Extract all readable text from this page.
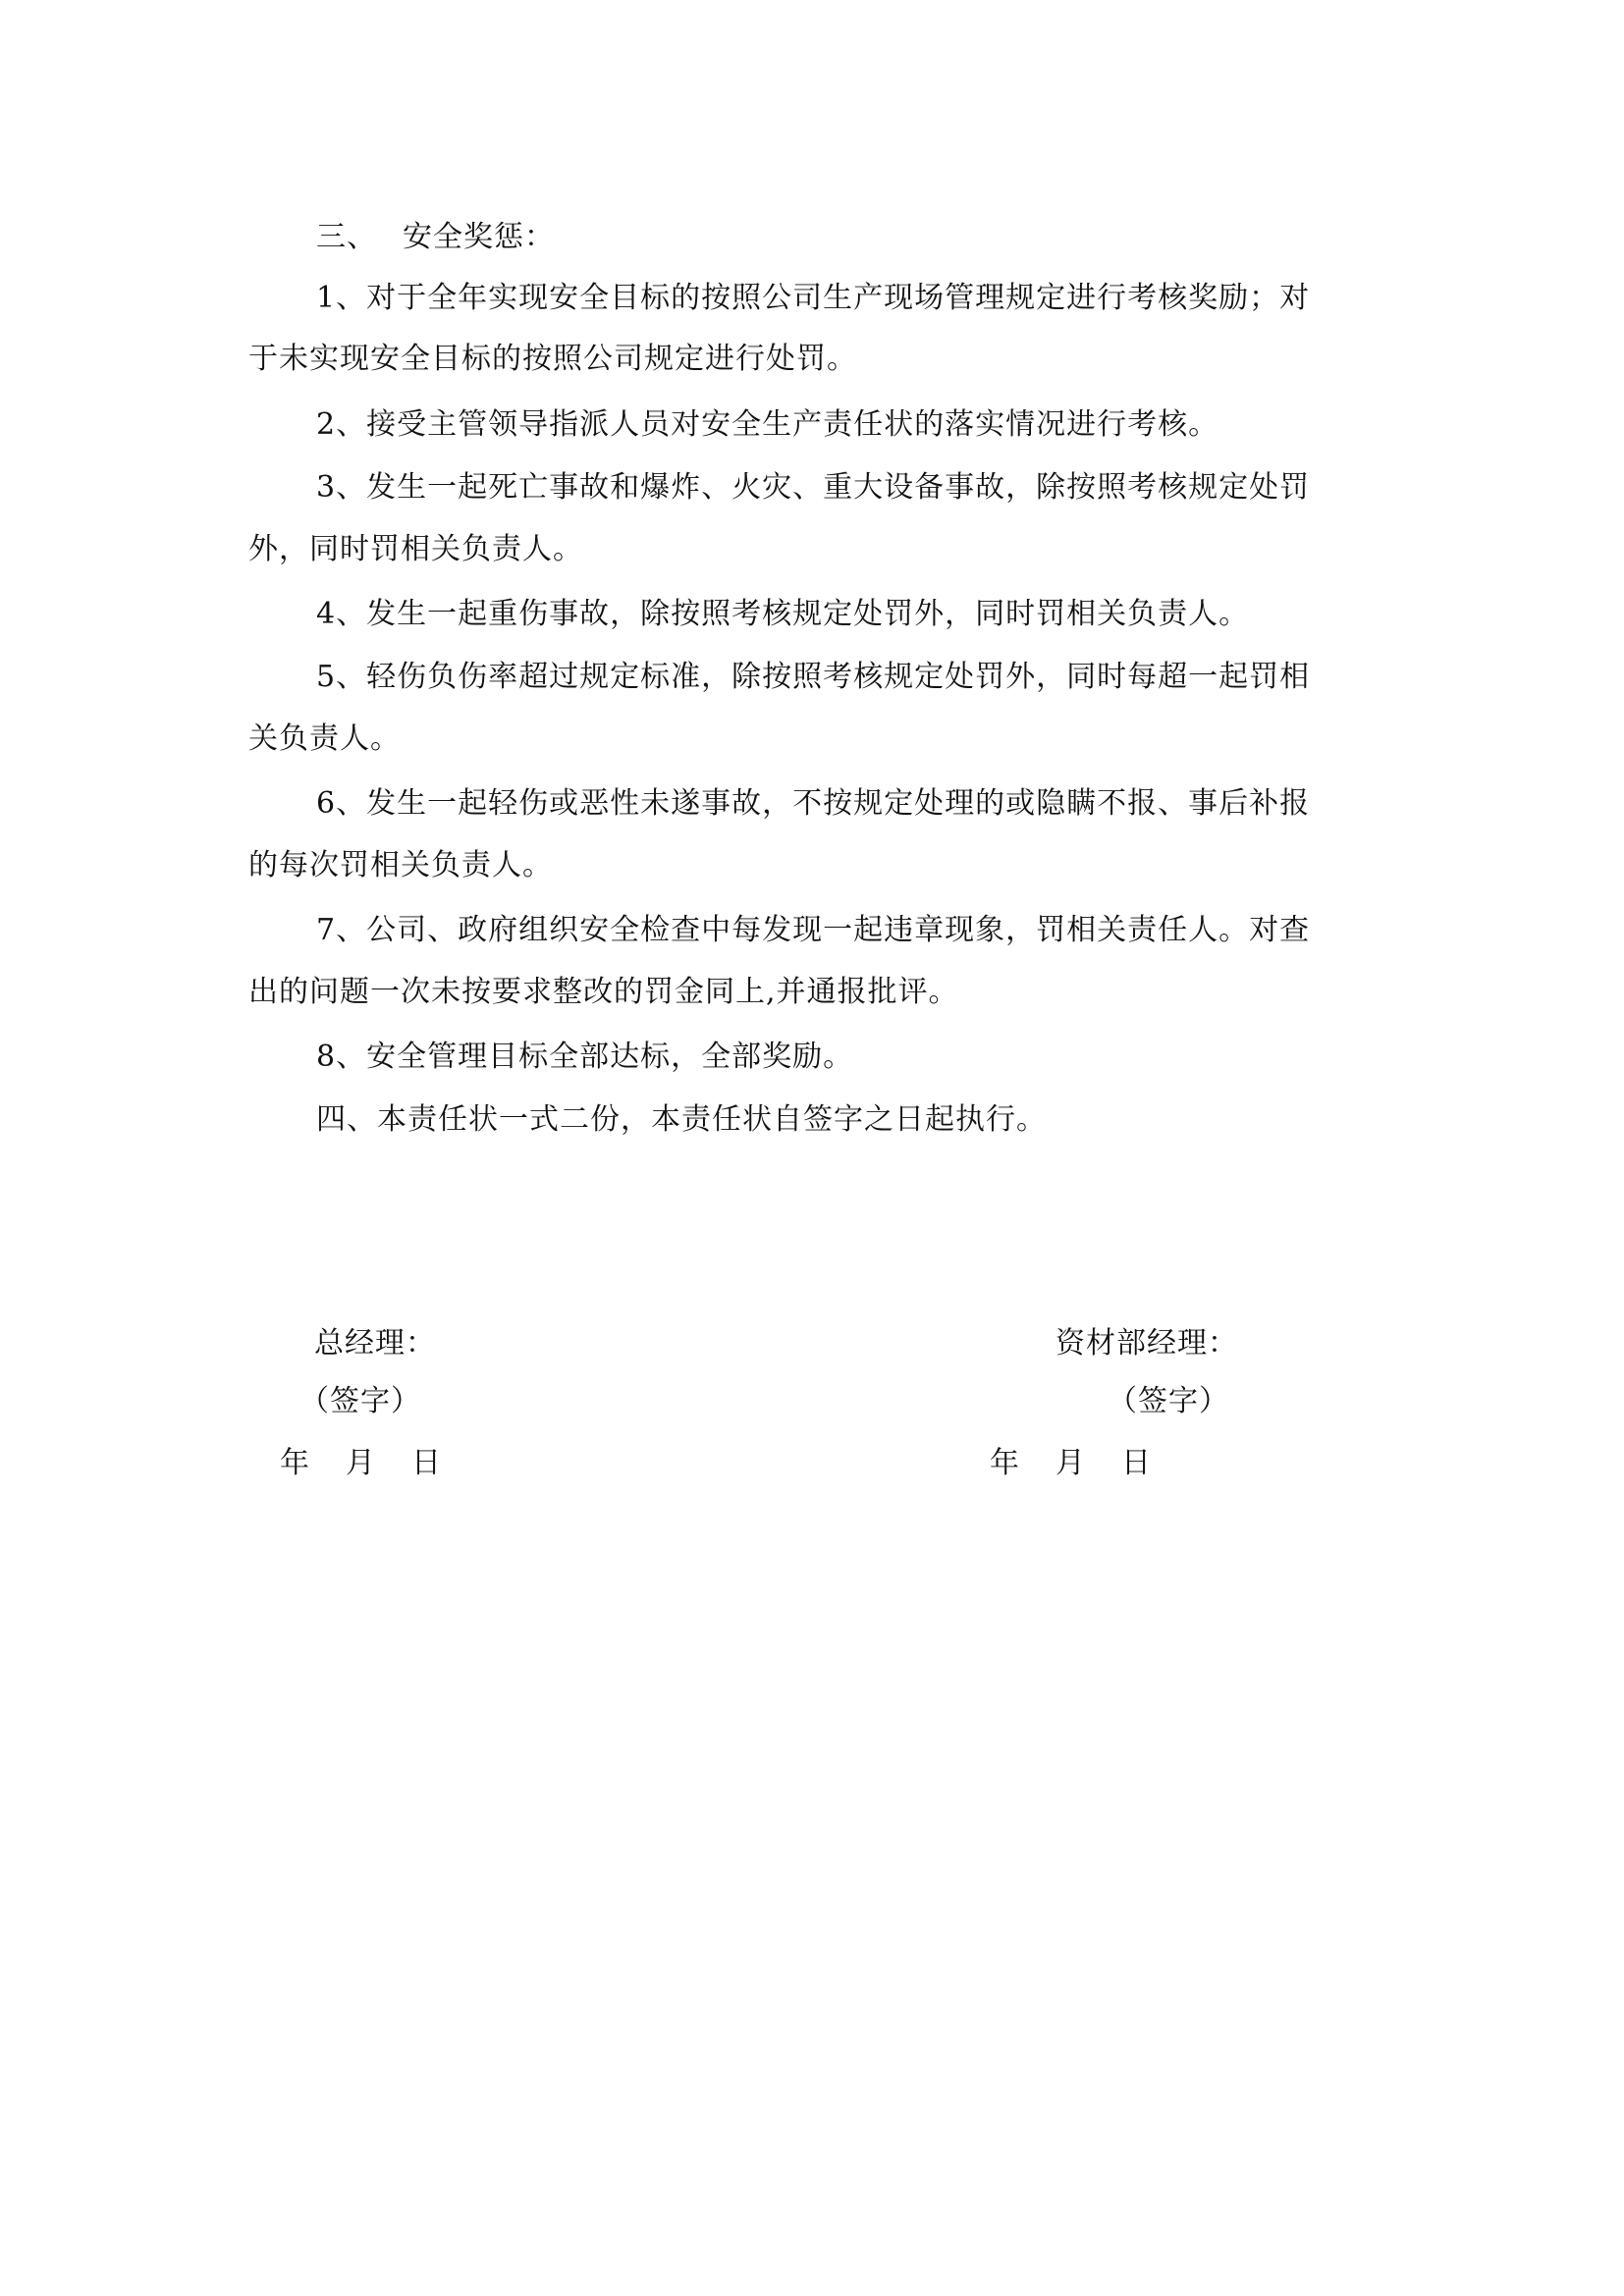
三、 安全奖惩：
1、对于全年实现安全目标的按照公司生产现场管理规定进行考核奖励；对
于未实现安全目标的按照公司规定进行处罚。
2、接受主管领导指派人员对安全生产责任状的落实情况进行考核。
3、发生一起死亡事故和爆炸、火灾、重大设备事故，除按照考核规定处罚
外，同时罚相关负责人。
4、发生一起重伤事故，除按照考核规定处罚外，同时罚相关负责人。
5、轻伤负伤率超过规定标准，除按照考核规定处罚外，同时每超一起罚相
关负责人。
6、发生一起轻伤或恶性未遂事故，不按规定处理的或隐瞒不报、事后补报
的每次罚相关负责人。
7、公司、政府组织安全检查中每发现一起违章现象，罚相关责任人。对查
出的问题一次未按要求整改的罚金同上,并通报批评。
8、安全管理目标全部达标，全部奖励。
四、本责任状一式二份，本责任状自签字之日起执行。
总经理：
（签字）
年 月 日
资材部经理：
（签字）
年 月 日
